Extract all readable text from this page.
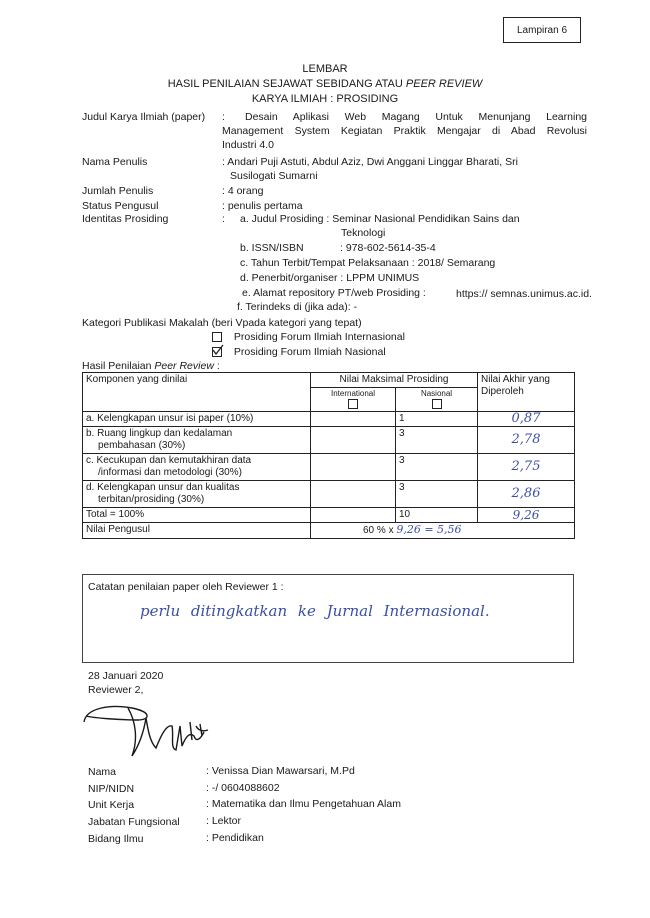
Lampiran 6
LEMBAR
HASIL PENILAIAN SEJAWAT SEBIDANG ATAU PEER REVIEW
KARYA ILMIAH : PROSIDING
Judul Karya Ilmiah (paper) : Desain Aplikasi Web Magang Untuk Menunjang Learning
Management System Kegiatan Praktik Mengajar di Abad Revolusi
Industri 4.0
Nama Penulis	: Andari Puji Astuti, Abdul Aziz, Dwi Anggani Linggar Bharati, Sri
Susilogati Sumarni
Jumlah Penulis	: 4 orang
Status Pengusul	: penulis pertama
Identitas Prosiding	: a. Judul Prosiding : Seminar Nasional Pendidikan Sains dan
Teknologi
b. ISSN/ISBN	: 978-602-5614-35-4
c. Tahun Terbit/Tempat Pelaksanaan : 2018/ Semarang
d. Penerbit/organiser : LPPM UNIMUS
e. Alamat repository PT/web Prosiding :	https:// semnas.unimus.ac.id.
f. Terindeks di (jika ada): -
Kategori Publikasi Makalah (beri Vpada kategori yang tepat)
Prosiding Forum Ilmiah Internasional
Prosiding Forum Ilmiah Nasional
Hasil Penilaian Peer Review :
Komponen yang dinilai	Nilai Maksimal Prosiding		Nilai Akhir yang
Diperoleh

	International	Nasional	

a. Kelengkapan unsur isi paper (10%)		1	0,87

b. Ruang lingkup dan kedalaman
pembahasan (30%)		3	2,78

c. Kecukupan dan kemutakhiran data
/informasi dan metodologi (30%)		3	2,75

d. Kelengkapan unsur dan kualitas
terbitan/prosiding (30%)		3	2,86
Total = 100%		10	9,26
Nilai Pengusul	60 % x 9,26 = 5,56		
Catatan penilaian paper oleh Reviewer 1 :
perlu ditingkatkan ke Jurnal Internasional.
28 Januari 2020
Reviewer 2,
Nama	: Venissa Dian Mawarsari, M.Pd
NIP/NIDN	: -/ 0604088602
Unit Kerja	: Matematika dan Ilmu Pengetahuan Alam
Jabatan Fungsional	: Lektor
Bidang Ilmu	: Pendidikan
